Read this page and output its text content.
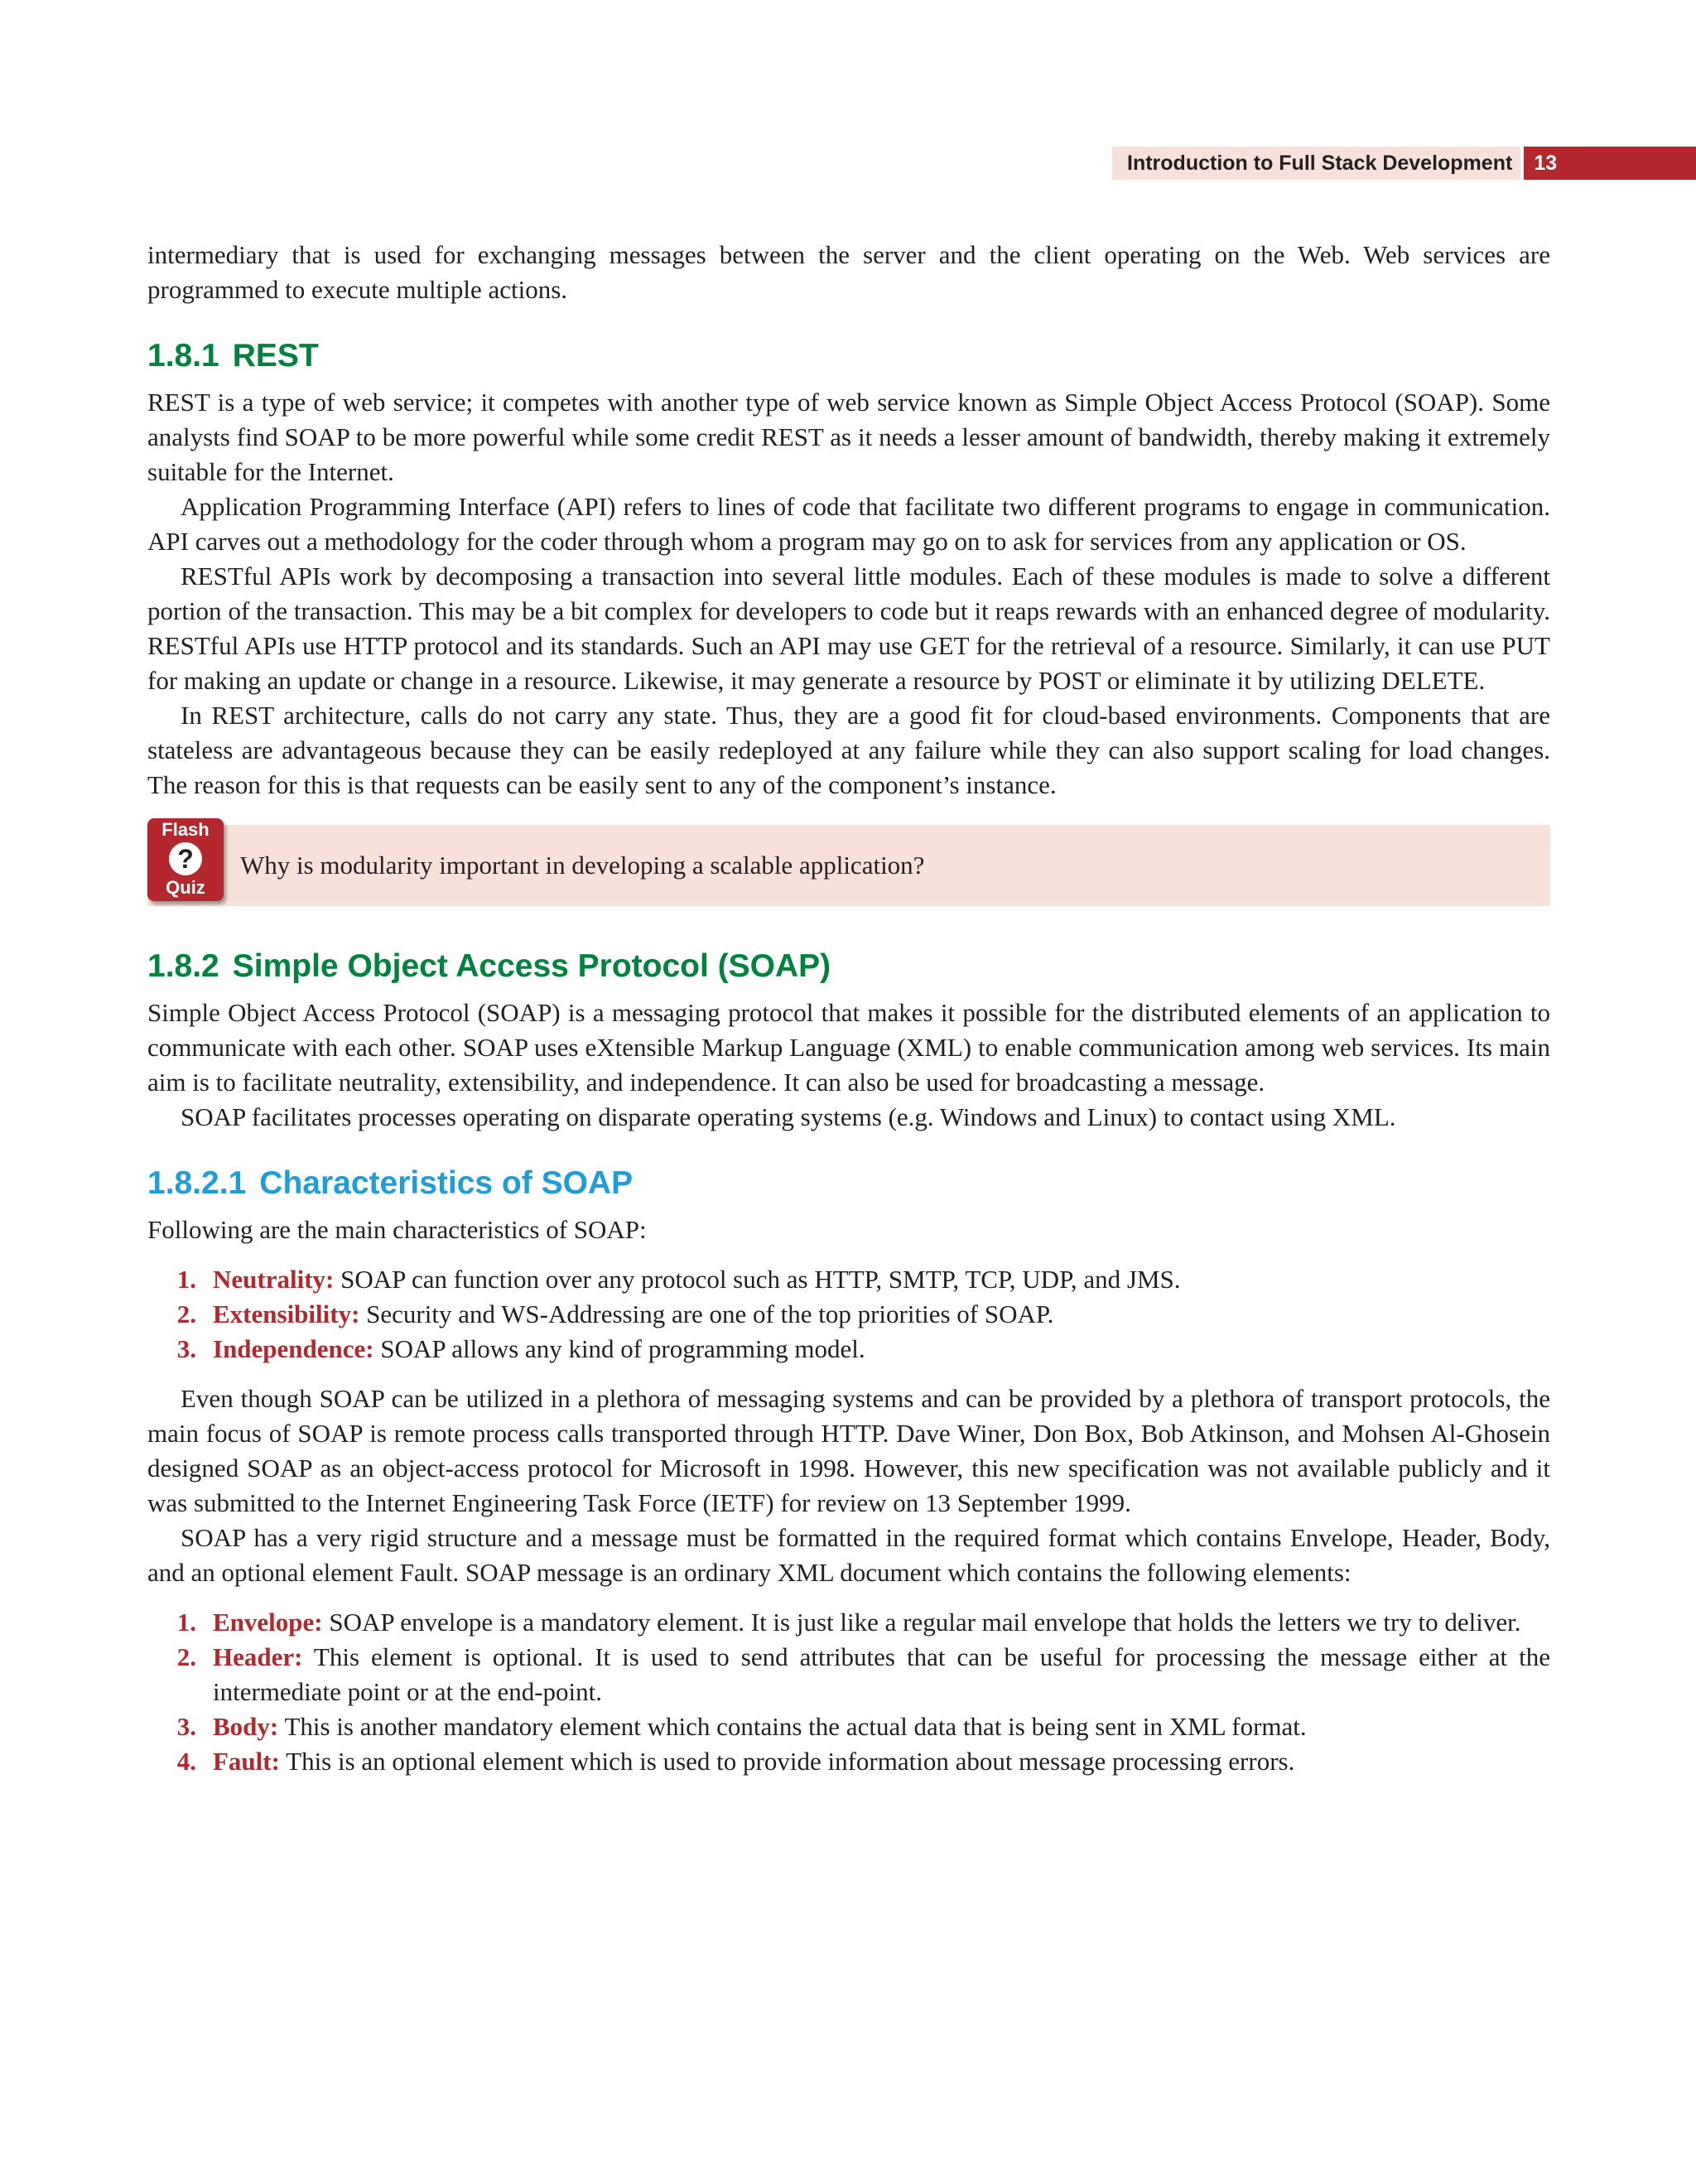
Introduction to Full Stack Development	13

intermediary that is used for exchanging messages between the server and the client operating on the Web. Web services are programmed to execute multiple actions.

1.8.1 REST

REST is a type of web service; it competes with another type of web service known as Simple Object Access Protocol (SOAP). Some analysts find SOAP to be more powerful while some credit REST as it needs a lesser amount of bandwidth, thereby making it extremely suitable for the Internet.

Application Programming Interface (API) refers to lines of code that facilitate two different programs to engage in communication. API carves out a methodology for the coder through whom a program may go on to ask for services from any application or OS.

RESTful APIs work by decomposing a transaction into several little modules. Each of these modules is made to solve a different portion of the transaction. This may be a bit complex for developers to code but it reaps rewards with an enhanced degree of modularity. RESTful APIs use HTTP protocol and its standards. Such an API may use GET for the retrieval of a resource. Similarly, it can use PUT for making an update or change in a resource. Likewise, it may generate a resource by POST or eliminate it by utilizing DELETE.

In REST architecture, calls do not carry any state. Thus, they are a good fit for cloud-based environments. Components that are stateless are advantageous because they can be easily redeployed at any failure while they can also support scaling for load changes. The reason for this is that requests can be easily sent to any of the component’s instance.

Flash
?
Quiz
Why is modularity important in developing a scalable application?
1.8.2 Simple Object Access Protocol (SOAP)

Simple Object Access Protocol (SOAP) is a messaging protocol that makes it possible for the distributed elements of an application to communicate with each other. SOAP uses eXtensible Markup Language (XML) to enable communication among web services. Its main aim is to facilitate neutrality, extensibility, and independence. It can also be used for broadcasting a message.

SOAP facilitates processes operating on disparate operating systems (e.g. Windows and Linux) to contact using XML.

1.8.2.1 Characteristics of SOAP

Following are the main characteristics of SOAP:

1. Neutrality: SOAP can function over any protocol such as HTTP, SMTP, TCP, UDP, and JMS.
2. Extensibility: Security and WS-Addressing are one of the top priorities of SOAP.
3. Independence: SOAP allows any kind of programming model.

Even though SOAP can be utilized in a plethora of messaging systems and can be provided by a plethora of transport protocols, the main focus of SOAP is remote process calls transported through HTTP. Dave Winer, Don Box, Bob Atkinson, and Mohsen Al-Ghosein designed SOAP as an object-access protocol for Microsoft in 1998. However, this new specification was not available publicly and it was submitted to the Internet Engineering Task Force (IETF) for review on 13 September 1999.

SOAP has a very rigid structure and a message must be formatted in the required format which contains Envelope, Header, Body, and an optional element Fault. SOAP message is an ordinary XML document which contains the following elements:

1. Envelope: SOAP envelope is a mandatory element. It is just like a regular mail envelope that holds the letters we try to deliver.
2. Header: This element is optional. It is used to send attributes that can be useful for processing the message either at the intermediate point or at the end-point.
3. Body: This is another mandatory element which contains the actual data that is being sent in XML format.
4. Fault: This is an optional element which is used to provide information about message processing errors.
